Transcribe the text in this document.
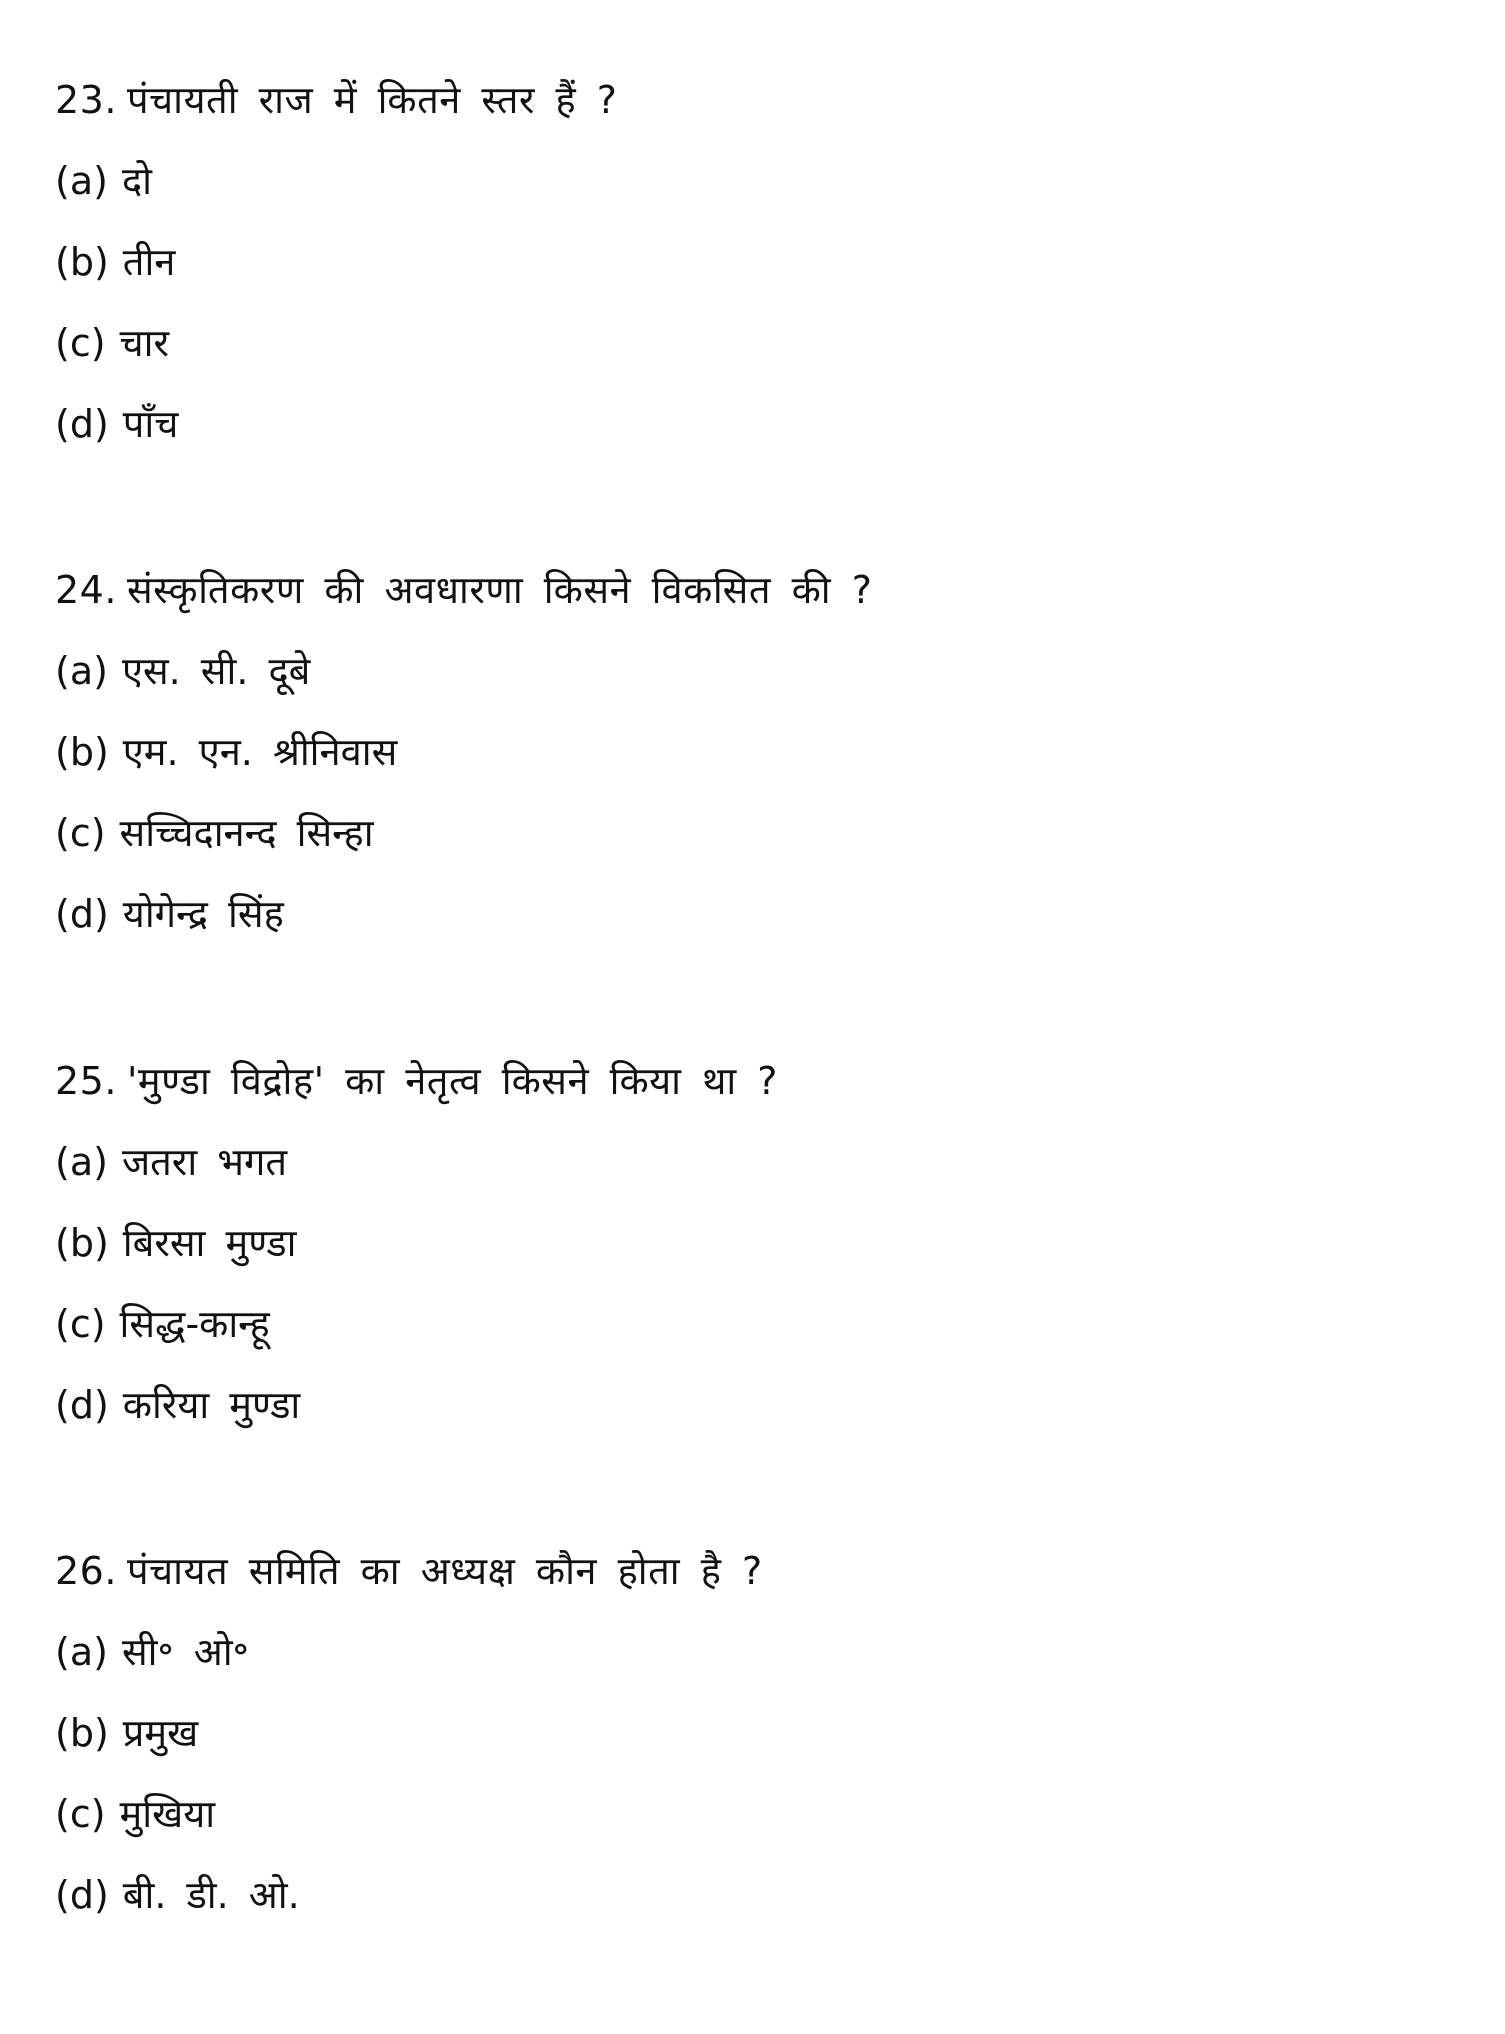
23. पंचायती राज में कितने स्तर हैं ?
(a) दो
(b) तीन
(c) चार
(d) पाँच
24. संस्कृतिकरण की अवधारणा किसने विकसित की ?
(a) एस. सी. दूबे
(b) एम. एन. श्रीनिवास
(c) सच्चिदानन्द सिन्हा
(d) योगेन्द्र सिंह
25. 'मुण्डा विद्रोह' का नेतृत्व किसने किया था ?
(a) जतरा भगत
(b) बिरसा मुण्डा
(c) सिद्ध-कान्हू
(d) करिया मुण्डा
26. पंचायत समिति का अध्यक्ष कौन होता है ?
(a) सी॰ ओ॰
(b) प्रमुख
(c) मुखिया
(d) बी. डी. ओ.
